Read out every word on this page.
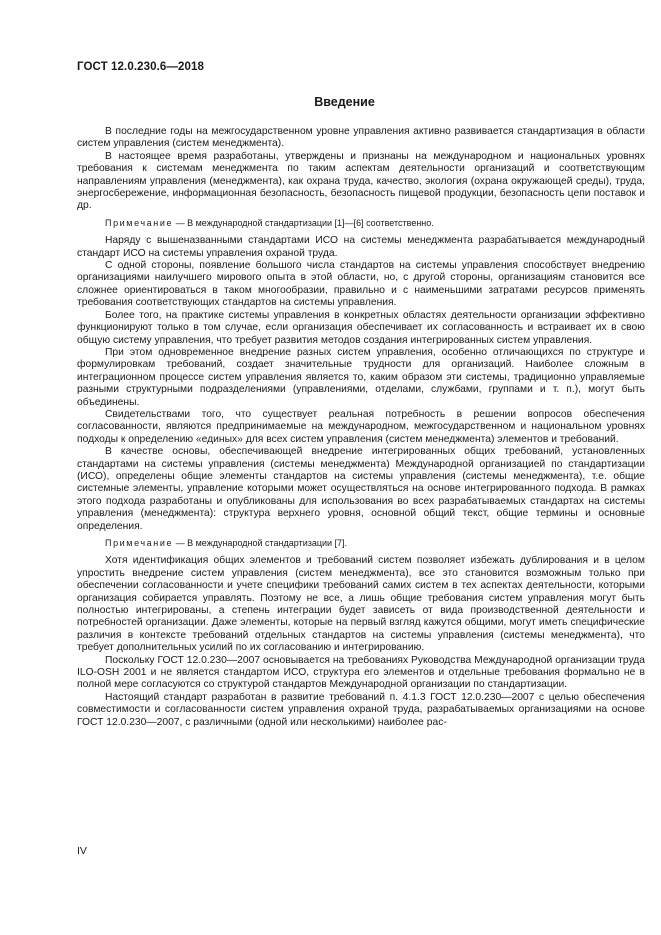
ГОСТ 12.0.230.6—2018
Введение

В последние годы на межгосударственном уровне управления активно развивается стандартизация в области систем управления (систем менеджмента).

В настоящее время разработаны, утверждены и признаны на международном и национальных уровнях требования к системам менеджмента по таким аспектам деятельности организаций и соответствующим направлениям управления (менеджмента), как охрана труда, качество, экология (охрана окружающей среды), труда, энергосбережение, информационная безопасность, безопасность пищевой продукции, безопасность цепи поставок и др.

Примечание — В международной стандартизации [1]—[6] соответственно.

Наряду с вышеназванными стандартами ИСО на системы менеджмента разрабатывается международный стандарт ИСО на системы управления охраной труда.

С одной стороны, появление большого числа стандартов на системы управления способствует внедрению организациями наилучшего мирового опыта в этой области, но, с другой стороны, организациям становится все сложнее ориентироваться в таком многообразии, правильно и с наименьшими затратами ресурсов применять требования соответствующих стандартов на системы управления.

Более того, на практике системы управления в конкретных областях деятельности организации эффективно функционируют только в том случае, если организация обеспечивает их согласованность и встраивает их в свою общую систему управления, что требует развития методов создания интегрированных систем управления.

При этом одновременное внедрение разных систем управления, особенно отличающихся по структуре и формулировкам требований, создает значительные трудности для организаций. Наиболее сложным в интеграционном процессе систем управления является то, каким образом эти системы, традиционно управляемые разными структурными подразделениями (управлениями, отделами, службами, группами и т. п.), могут быть объединены.

Свидетельствами того, что существует реальная потребность в решении вопросов обеспечения согласованности, являются предпринимаемые на международном, межгосударственном и национальном уровнях подходы к определению «единых» для всех систем управления (систем менеджмента) элементов и требований.

В качестве основы, обеспечивающей внедрение интегрированных общих требований, установленных стандартами на системы управления (системы менеджмента) Международной организацией по стандартизации (ИСО), определены общие элементы стандартов на системы управления (системы менеджмента), т.е. общие системные элементы, управление которыми может осуществляться на основе интегрированного подхода. В рамках этого подхода разработаны и опубликованы для использования во всех разрабатываемых стандартах на системы управления (менеджмента): структура верхнего уровня, основной общий текст, общие термины и основные определения.

Примечание — В международной стандартизации [7].

Хотя идентификация общих элементов и требований систем позволяет избежать дублирования и в целом упростить внедрение систем управления (систем менеджмента), все это становится возможным только при обеспечении согласованности и учете специфики требований самих систем в тех аспектах деятельности, которыми организация собирается управлять. Поэтому не все, а лишь общие требования систем управления могут быть полностью интегрированы, а степень интеграции будет зависеть от вида производственной деятельности и потребностей организации. Даже элементы, которые на первый взгляд кажутся общими, могут иметь специфические различия в контексте требований отдельных стандартов на системы управления (системы менеджмента), что требует дополнительных усилий по их согласованию и интегрированию.

Поскольку ГОСТ 12.0.230—2007 основывается на требованиях Руководства Международной организации труда ILO-OSH 2001 и не является стандартом ИСО, структура его элементов и отдельные требования формально не в полной мере согласуются со структурой стандартов Международной организации по стандартизации.

Настоящий стандарт разработан в развитие требований п. 4.1.3 ГОСТ 12.0.230—2007 с целью обеспечения совместимости и согласованности систем управления охраной труда, разрабатываемых организациями на основе ГОСТ 12.0.230—2007, с различными (одной или несколькими) наиболее рас-

IV
